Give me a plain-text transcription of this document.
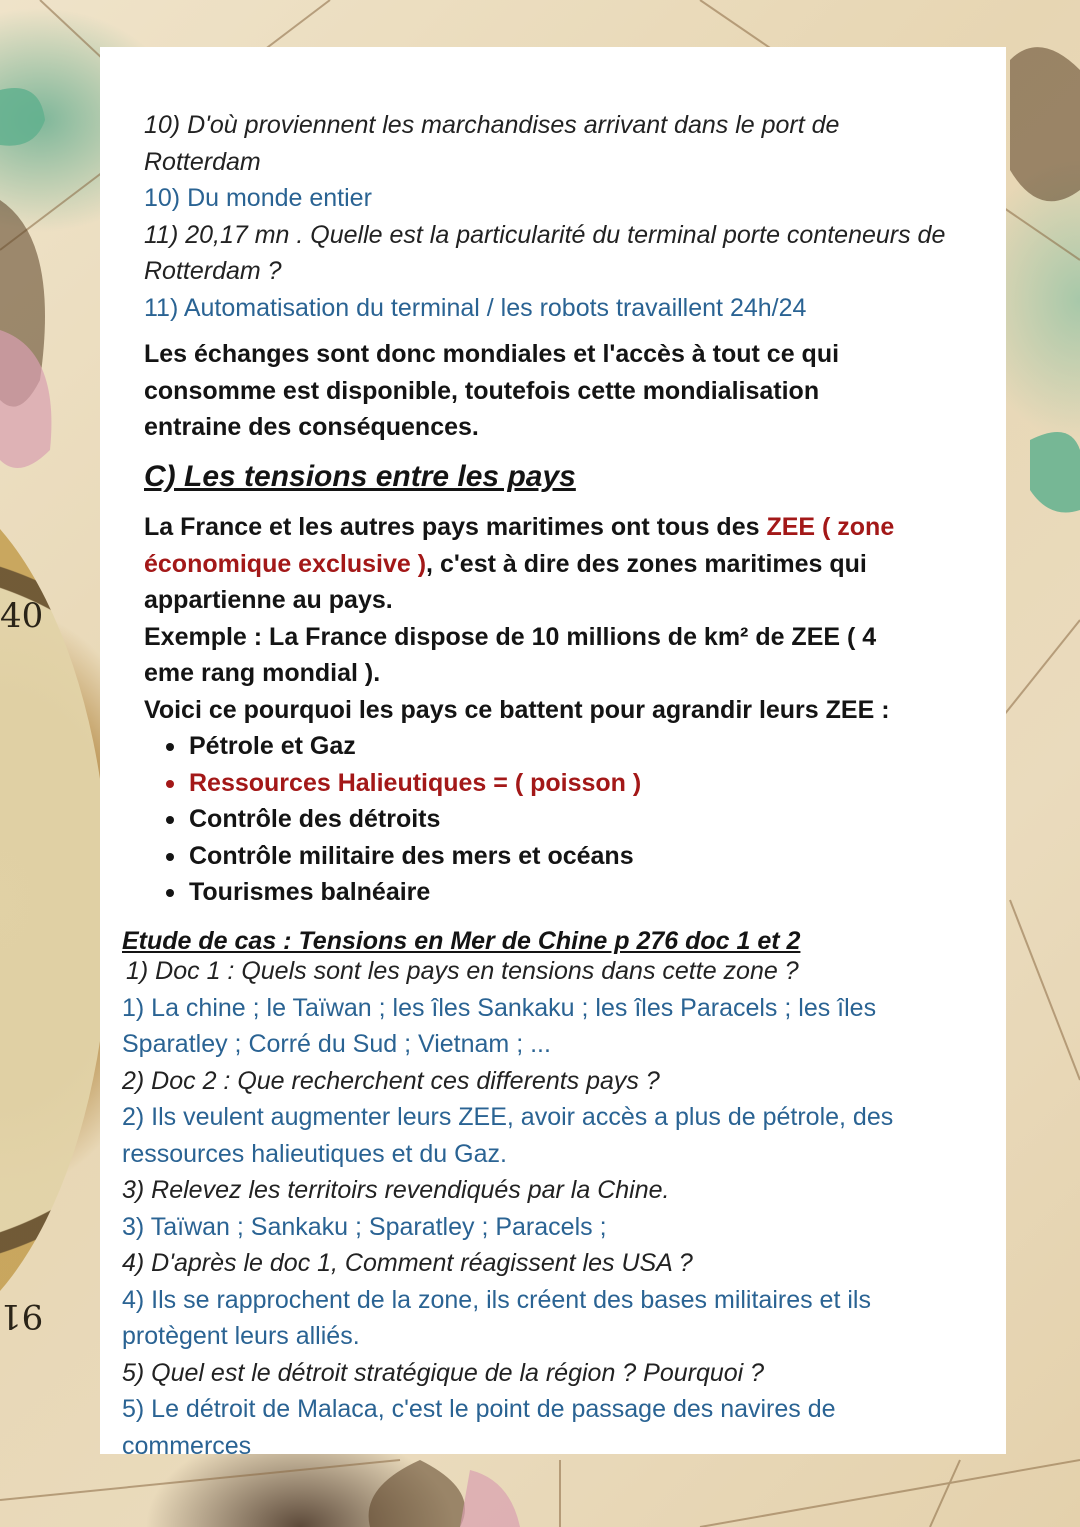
40
91
10) D'où proviennent les marchandises arrivant dans le port de
Rotterdam
10) Du monde entier
11) 20,17 mn . Quelle est la particularité du terminal porte conteneurs de
Rotterdam ?
11) Automatisation du terminal / les robots travaillent 24h/24
Les échanges sont donc mondiales et l'accès à tout ce qui
consomme est disponible, toutefois cette mondialisation
entraine des conséquences.
C) Les tensions entre les pays
La France et les autres pays maritimes ont tous des ZEE ( zone
économique exclusive ), c'est à dire des zones maritimes qui
appartienne au pays.
Exemple : La France dispose de 10 millions de km² de ZEE ( 4
eme rang mondial ).
Voici ce pourquoi les pays ce battent pour agrandir leurs ZEE :
Pétrole et Gaz
Ressources Halieutiques = ( poisson )
Contrôle des détroits
Contrôle militaire des mers et océans
Tourismes balnéaire
Etude de cas : Tensions en Mer de Chine p 276 doc 1 et 2
1) Doc 1 : Quels sont les pays en tensions dans cette zone ?
1) La chine ; le Taïwan ; les îles Sankaku ; les îles Paracels ; les îles
Sparatley ; Corré du Sud ; Vietnam ; ...
2) Doc 2 : Que recherchent ces differents pays ?
2) Ils veulent augmenter leurs ZEE, avoir accès a plus de pétrole, des
ressources halieutiques et du Gaz.
3) Relevez les territoirs revendiqués par la Chine.
3) Taïwan ; Sankaku ; Sparatley ; Paracels ;
4) D'après le doc 1, Comment réagissent les USA ?
4) Ils se rapprochent de la zone, ils créent des bases militaires et ils
protègent leurs alliés.
5) Quel est le détroit stratégique de la région ? Pourquoi ?
5) Le détroit de Malaca, c'est le point de passage des navires de
commerces
